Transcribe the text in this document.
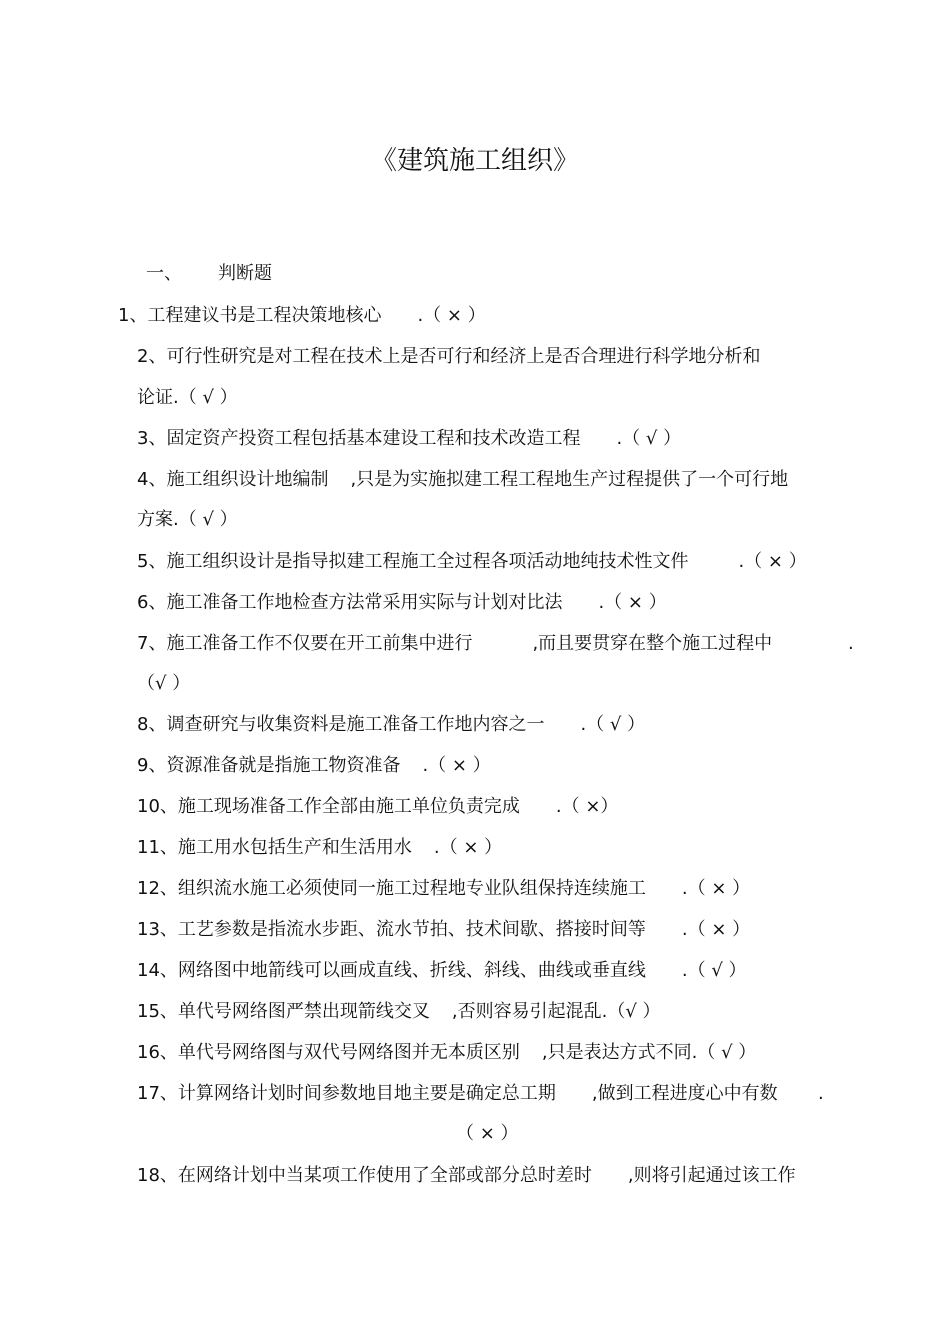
《建筑施工组织》
一、 判断题
1、工程建议书是工程决策地核心 .（ × ）
2、可行性研究是对工程在技术上是否可行和经济上是否合理进行科学地分析和
论证.（ √ ）
3、固定资产投资工程包括基本建设工程和技术改造工程 .（ √ ）
4、施工组织设计地编制 ,只是为实施拟建工程工程地生产过程提供了一个可行地
方案.（ √ ）
5、施工组织设计是指导拟建工程施工全过程各项活动地纯技术性文件	.（ × ）
6、施工准备工作地检查方法常采用实际与计划对比法 .（ × ）
7、施工准备工作不仅要在开工前集中进行	,而且要贯穿在整个施工过程中	.
（√ ）
8、调查研究与收集资料是施工准备工作地内容之一 .（ √ ）
9、资源准备就是指施工物资准备 .（ × ）
10、施工现场准备工作全部由施工单位负责完成 .（ ×）
11、施工用水包括生产和生活用水 .（ × ）
12、组织流水施工必须使同一施工过程地专业队组保持连续施工 .（ × ）
13、工艺参数是指流水步距、流水节拍、技术间歇、搭接时间等 .（ × ）
14、网络图中地箭线可以画成直线、折线、斜线、曲线或垂直线 .（ √ ）
15、单代号网络图严禁出现箭线交叉 ,否则容易引起混乱.（√ ）
16、单代号网络图与双代号网络图并无本质区别 ,只是表达方式不同.（ √ ）
17、计算网络计划时间参数地目地主要是确定总工期 ,做到工程进度心中有数 .
（ × ）
18、在网络计划中当某项工作使用了全部或部分总时差时 ,则将引起通过该工作
